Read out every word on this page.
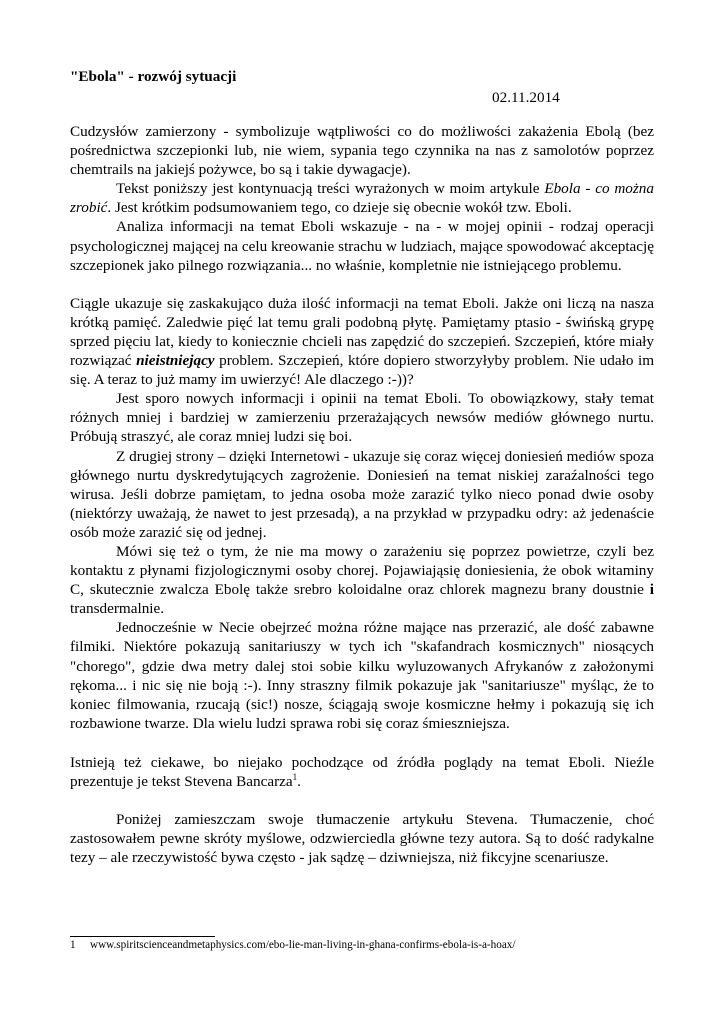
"Ebola" - rozwój sytuacji
02.11.2014

Cudzysłów zamierzony - symbolizuje wątpliwości co do możliwości zakażenia Ebolą (bez pośrednictwa szczepionki lub, nie wiem, sypania tego czynnika na nas z samolotów poprzez chemtrails na jakiejś pożywce, bo są i takie dywagacje).

Tekst poniższy jest kontynuacją treści wyrażonych w moim artykule Ebola - co można zrobić. Jest krótkim podsumowaniem tego, co dzieje się obecnie wokół tzw. Eboli.

Analiza informacji na temat Eboli wskazuje - na - w mojej opinii - rodzaj operacji psychologicznej mającej na celu kreowanie strachu w ludziach, mające spowodować akceptację szczepionek jako pilnego rozwiązania... no właśnie, kompletnie nie istniejącego problemu.

Ciągle ukazuje się zaskakująco duża ilość informacji na temat Eboli. Jakże oni liczą na nasza krótką pamięć. Zaledwie pięć lat temu grali podobną płytę. Pamiętamy ptasio - świńską grypę sprzed pięciu lat, kiedy to koniecznie chcieli nas zapędzić do szczepień. Szczepień, które miały rozwiązać nieistniejący problem. Szczepień, które dopiero stworzyłyby problem. Nie udało im się. A teraz to już mamy im uwierzyć! Ale dlaczego :-))?

Jest sporo nowych informacji i opinii na temat Eboli. To obowiązkowy, stały temat różnych mniej i bardziej w zamierzeniu przerażających newsów mediów głównego nurtu. Próbują straszyć, ale coraz mniej ludzi się boi.

Z drugiej strony – dzięki Internetowi - ukazuje się coraz więcej doniesień mediów spoza głównego nurtu dyskredytujących zagrożenie. Doniesień na temat niskiej zaraźalności tego wirusa. Jeśli dobrze pamiętam, to jedna osoba może zarazić tylko nieco ponad dwie osoby (niektórzy uważają, że nawet to jest przesadą), a na przykład w przypadku odry: aż jedenaście osób może zarazić się od jednej.

Mówi się też o tym, że nie ma mowy o zarażeniu się poprzez powietrze, czyli bez kontaktu z płynami fizjologicznymi osoby chorej. Pojawiająsię doniesienia, że obok witaminy C, skutecznie zwalcza Ebolę także srebro koloidalne oraz chlorek magnezu brany doustnie i transdermalnie.

Jednocześnie w Necie obejrzeć można różne mające nas przerazić, ale dość zabawne filmiki. Niektóre pokazują sanitariuszy w tych ich "skafandrach kosmicznych" niosących "chorego", gdzie dwa metry dalej stoi sobie kilku wyluzowanych Afrykanów z założonymi rękoma... i nic się nie boją :-). Inny straszny filmik pokazuje jak "sanitariusze" myśląc, że to koniec filmowania, rzucają (sic!) nosze, ściągają swoje kosmiczne hełmy i pokazują się ich rozbawione twarze. Dla wielu ludzi sprawa robi się coraz śmieszniejsza.

Istnieją też ciekawe, bo niejako pochodzące od źródła poglądy na temat Eboli. Nieźle prezentuje je tekst Stevena Bancarza$^1$.

Poniżej zamieszczam swoje tłumaczenie artykułu Stevena. Tłumaczenie, choć zastosowałem pewne skróty myślowe, odzwierciedla główne tezy autora. Są to dość radykalne tezy – ale rzeczywistość bywa często - jak sądzę – dziwniejsza, niż fikcyjne scenariusze.

1 www.spiritscienceandmetaphysics.com/ebo-lie-man-living-in-ghana-confirms-ebola-is-a-hoax/
